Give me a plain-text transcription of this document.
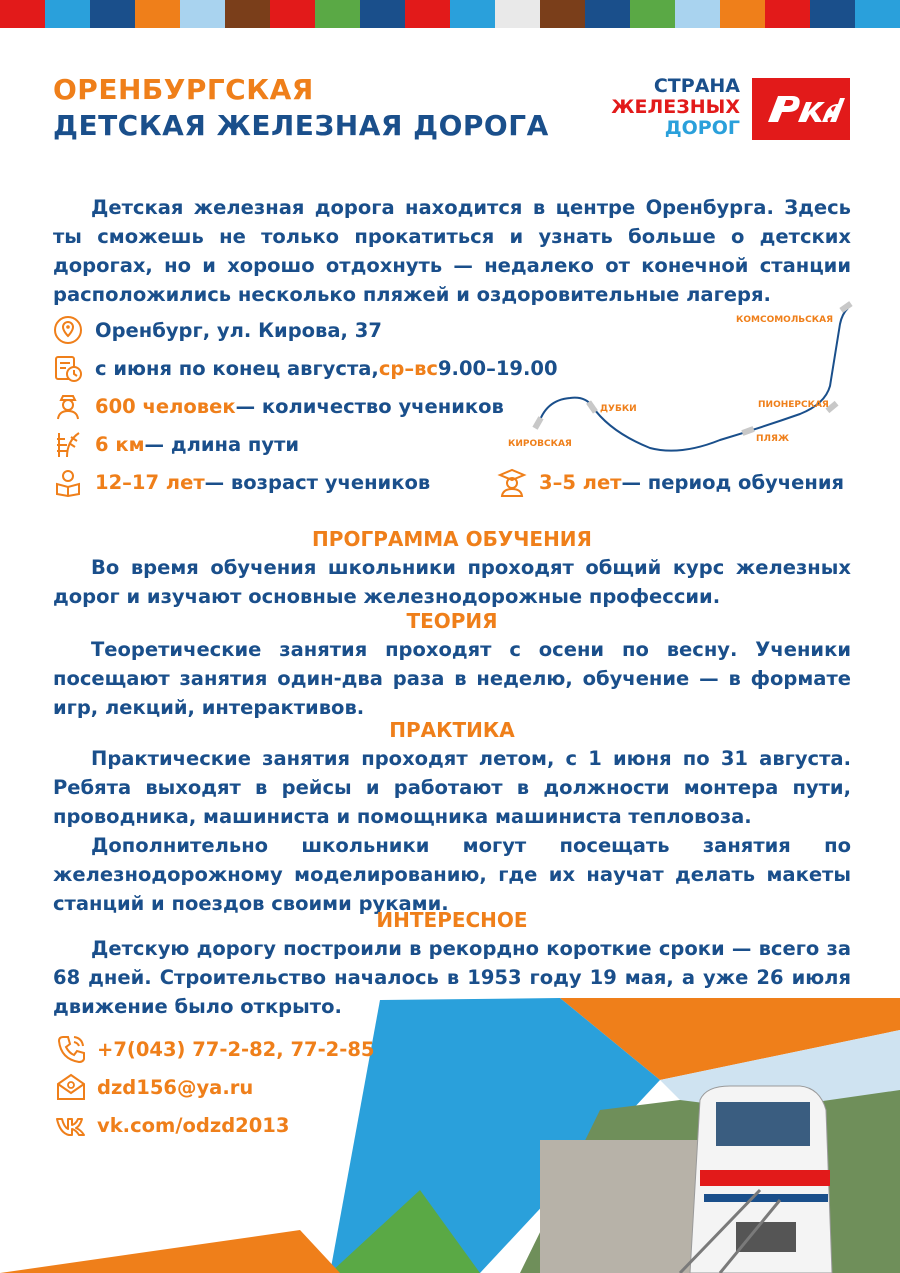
ОРЕНБУРГСКАЯ
ДЕТСКАЯ ЖЕЛЕЗНАЯ ДОРОГА
СТРАНА
ЖЕЛЕЗНЫХ
ДОРОГ

Детская железная дорога находится в центре Оренбурга. Здесь ты сможешь не только прокатиться и узнать больше о детских дорогах, но и хорошо отдохнуть — недалеко от конечной станции расположились несколько пляжей и оздоровительные лагеря.

Оренбург, ул. Кирова, 37
с июня по конец августа, ср–вс 9.00–19.00
600 человек — количество учеников
6 км — длина пути
12–17 лет — возраст учеников	3–5 лет — период обучения
КОМСОМОЛЬСКАЯ
ДУБКИ	ПИОНЕРСКАЯ
ПЛЯЖ
КИРОВСКАЯ
ПРОГРАММА ОБУЧЕНИЯ

Во время обучения школьники проходят общий курс железных дорог и изучают основные железнодорожные профессии.

ТЕОРИЯ

Теоретические занятия проходят с осени по весну. Ученики посещают занятия один-два раза в неделю, обучение — в формате игр, лекций, интерактивов.

ПРАКТИКА

Практические занятия проходят летом, с 1 июня по 31 августа. Ребята выходят в рейсы и работают в должности монтера пути, проводника, машиниста и помощника машиниста тепловоза.

Дополнительно школьники могут посещать занятия по железнодорожному моделированию, где их научат делать макеты станций и поездов своими руками.

ИНТЕРЕСНОЕ

Детскую дорогу построили в рекордно короткие сроки — всего за 68 дней. Строительство началось в 1953 году 19 мая, а уже 26 июля движение было открыто.

+7(043) 77-2-82, 77-2-85
dzd156@ya.ru
vk.com/odzd2013
